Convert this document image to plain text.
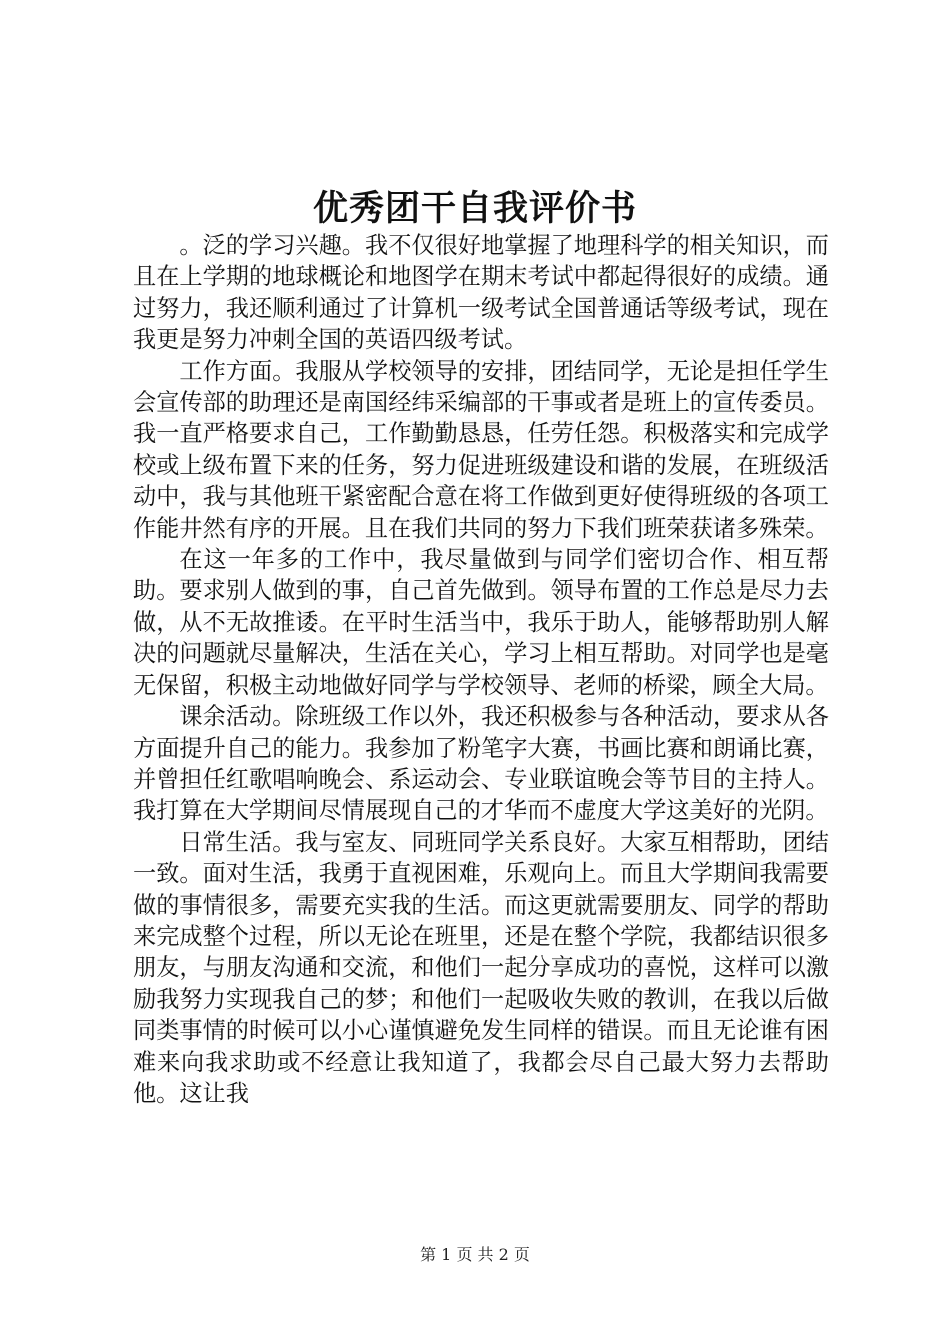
优秀团干自我评价书

。泛的学习兴趣。我不仅很好地掌握了地理科学的相关知识，而且在上学期的地球概论和地图学在期末考试中都起得很好的成绩。通过努力，我还顺利通过了计算机一级考试全国普通话等级考试，现在我更是努力冲刺全国的英语四级考试。

工作方面。我服从学校领导的安排，团结同学，无论是担任学生会宣传部的助理还是南国经纬采编部的干事或者是班上的宣传委员。我一直严格要求自己，工作勤勤恳恳，任劳任怨。积极落实和完成学校或上级布置下来的任务，努力促进班级建设和谐的发展，在班级活动中，我与其他班干紧密配合意在将工作做到更好使得班级的各项工作能井然有序的开展。且在我们共同的努力下我们班荣获诸多殊荣。

在这一年多的工作中，我尽量做到与同学们密切合作、相互帮助。要求别人做到的事，自己首先做到。领导布置的工作总是尽力去做，从不无故推诿。在平时生活当中，我乐于助人，能够帮助别人解决的问题就尽量解决，生活在关心，学习上相互帮助。对同学也是毫无保留，积极主动地做好同学与学校领导、老师的桥梁，顾全大局。

课余活动。除班级工作以外，我还积极参与各种活动，要求从各方面提升自己的能力。我参加了粉笔字大赛，书画比赛和朗诵比赛，并曾担任红歌唱响晚会、系运动会、专业联谊晚会等节目的主持人。我打算在大学期间尽情展现自己的才华而不虚度大学这美好的光阴。

日常生活。我与室友、同班同学关系良好。大家互相帮助，团结一致。面对生活，我勇于直视困难，乐观向上。而且大学期间我需要做的事情很多，需要充实我的生活。而这更就需要朋友、同学的帮助来完成整个过程，所以无论在班里，还是在整个学院，我都结识很多朋友，与朋友沟通和交流，和他们一起分享成功的喜悦，这样可以激励我努力实现我自己的梦；和他们一起吸收失败的教训，在我以后做同类事情的时候可以小心谨慎避免发生同样的错误。而且无论谁有困难来向我求助或不经意让我知道了，我都会尽自己最大努力去帮助他。这让我

第 1 页 共 2 页
